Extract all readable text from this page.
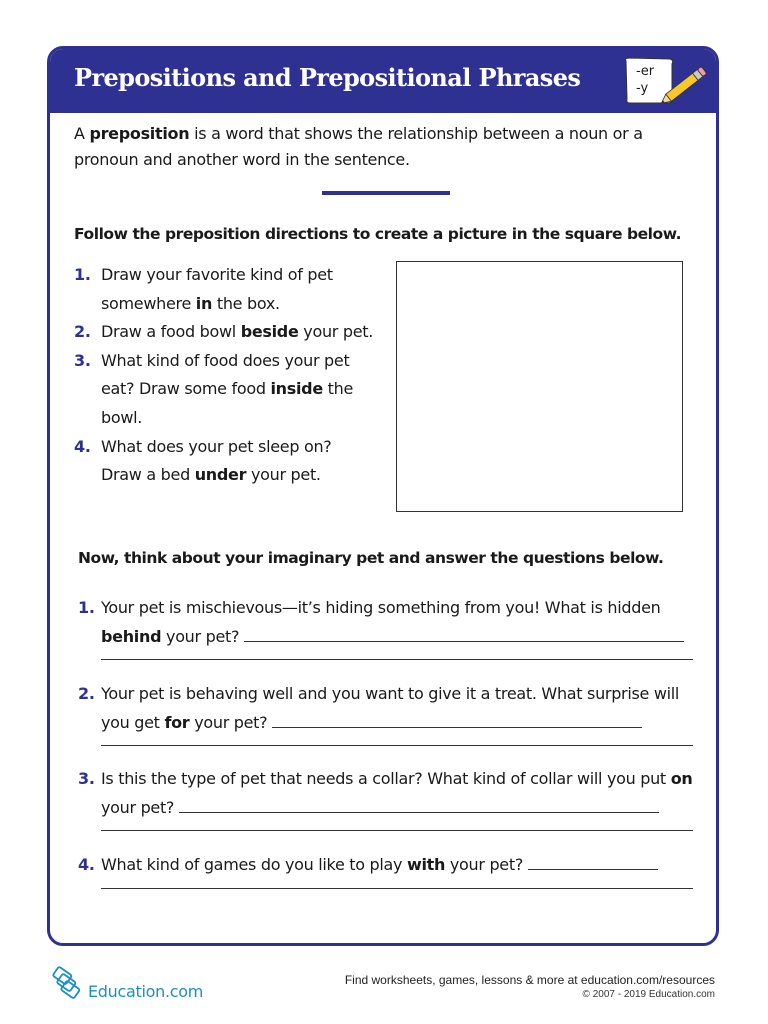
Prepositions and Prepositional Phrases	-er
-y

A preposition is a word that shows the relationship between a noun or a pronoun and another word in the sentence.

Follow the preposition directions to create a picture in the square below.
1. Draw your favorite kind of pet somewhere in the box.
2. Draw a food bowl beside your pet.
3. What kind of food does your pet eat? Draw some food inside the bowl.
4. What does your pet sleep on? Draw a bed under your pet.
Now, think about your imaginary pet and answer the questions below.
1. Your pet is mischievous—it’s hiding something from you! What is hidden behind your pet?
2. Your pet is behaving well and you want to give it a treat. What surprise will you get for your pet?
3. Is this the type of pet that needs a collar? What kind of collar will you put on your pet?
4. What kind of games do you like to play with your pet?
Education.com
Find worksheets, games, lessons & more at education.com/resources
© 2007 - 2019 Education.com
